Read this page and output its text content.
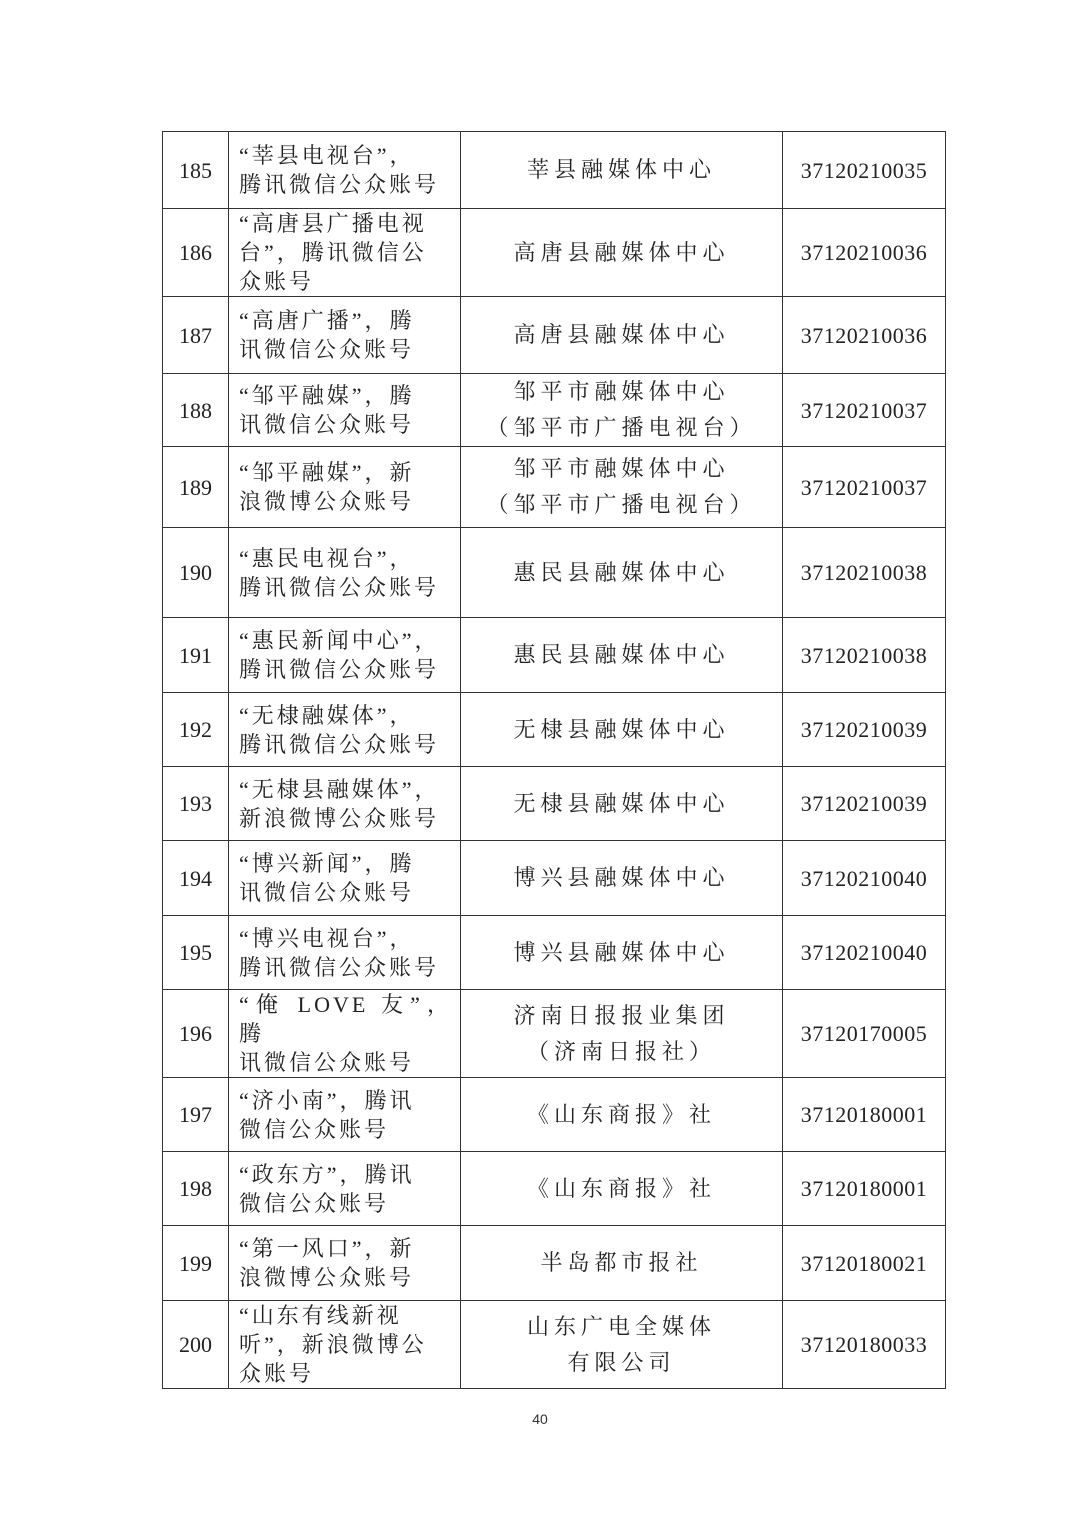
185	“莘县电视台”，
腾讯微信公众账号	莘县融媒体中心	37120210035
186	“高唐县广播电视
台”，腾讯微信公
众账号	高唐县融媒体中心	37120210036
187	“高唐广播”，腾
讯微信公众账号	高唐县融媒体中心	37120210036
188	“邹平融媒”，腾
讯微信公众账号	邹平市融媒体中心
（邹平市广播电视台）	37120210037
189	“邹平融媒”，新
浪微博公众账号	邹平市融媒体中心
（邹平市广播电视台）	37120210037
190	“惠民电视台”，
腾讯微信公众账号	惠民县融媒体中心	37120210038
191	“惠民新闻中心”，
腾讯微信公众账号	惠民县融媒体中心	37120210038
192	“无棣融媒体”，
腾讯微信公众账号	无棣县融媒体中心	37120210039
193	“无棣县融媒体”，
新浪微博公众账号	无棣县融媒体中心	37120210039
194	“博兴新闻”，腾
讯微信公众账号	博兴县融媒体中心	37120210040
195	“博兴电视台”，
腾讯微信公众账号	博兴县融媒体中心	37120210040
196	“俺 LOVE 友”，腾
讯微信公众账号	济南日报报业集团
（济南日报社）	37120170005
197	“济小南”，腾讯
微信公众账号	《山东商报》社	37120180001
198	“政东方”，腾讯
微信公众账号	《山东商报》社	37120180001
199	“第一风口”，新
浪微博公众账号	半岛都市报社	37120180021
200	“山东有线新视
听”，新浪微博公
众账号	山东广电全媒体
有限公司	37120180033
40
